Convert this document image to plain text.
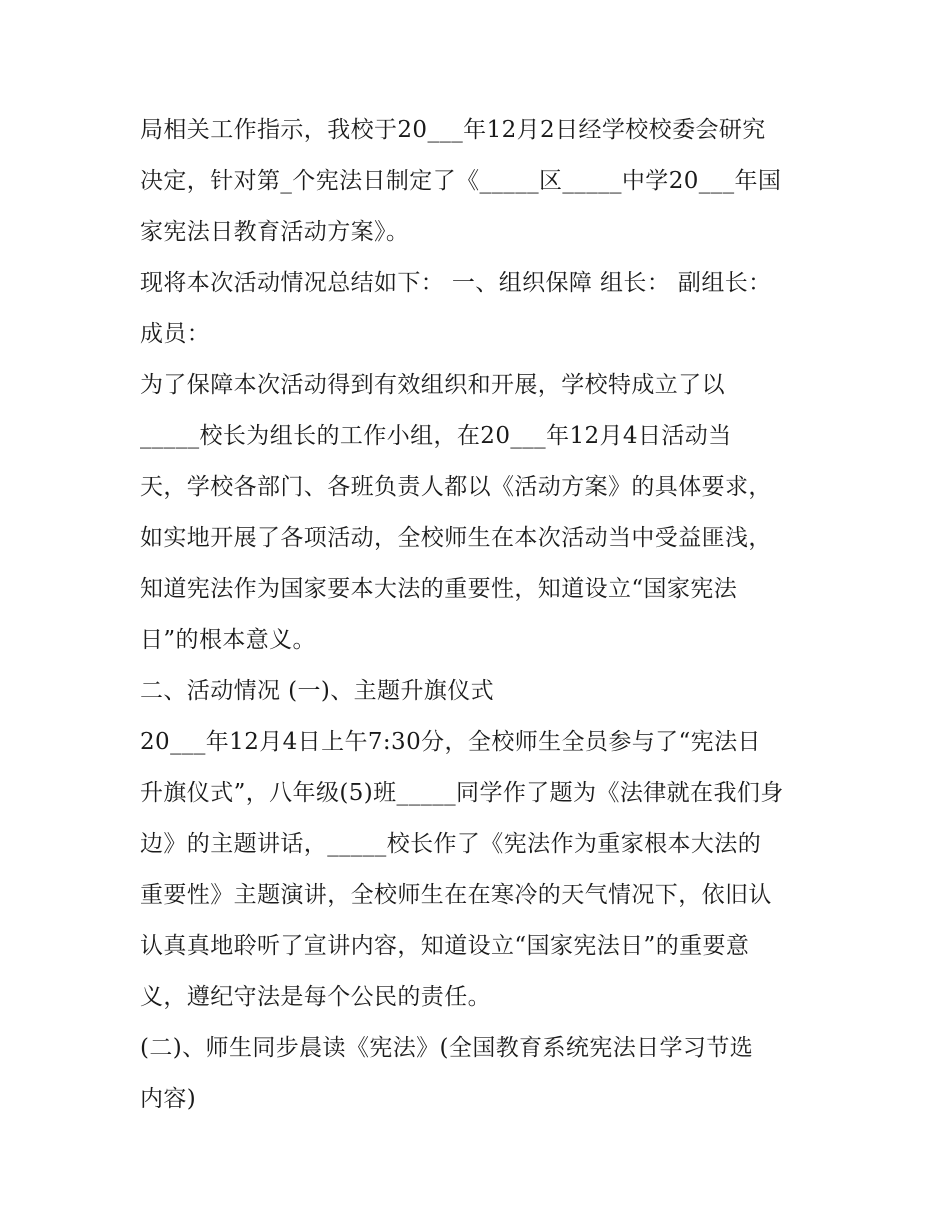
局相关工作指示，我校于20___年12月2日经学校校委会研究
决定，针对第_个宪法日制定了《_____区_____中学20___年国
家宪法日教育活动方案》。
现将本次活动情况总结如下： 一、组织保障 组长： 副组长：
成员：
为了保障本次活动得到有效组织和开展，学校特成立了以
_____校长为组长的工作小组，在20___年12月4日活动当
天，学校各部门、各班负责人都以《活动方案》的具体要求，
如实地开展了各项活动，全校师生在本次活动当中受益匪浅，
知道宪法作为国家要本大法的重要性，知道设立“国家宪法
日”的根本意义。
二、活动情况 (一)、主题升旗仪式
20___年12月4日上午7:30分，全校师生全员参与了“宪法日
升旗仪式”，八年级(5)班_____同学作了题为《法律就在我们身
边》的主题讲话，_____校长作了《宪法作为重家根本大法的
重要性》主题演讲，全校师生在在寒冷的天气情况下，依旧认
认真真地聆听了宣讲内容，知道设立“国家宪法日”的重要意
义，遵纪守法是每个公民的责任。
(二)、师生同步晨读《宪法》(全国教育系统宪法日学习节选
内容)
